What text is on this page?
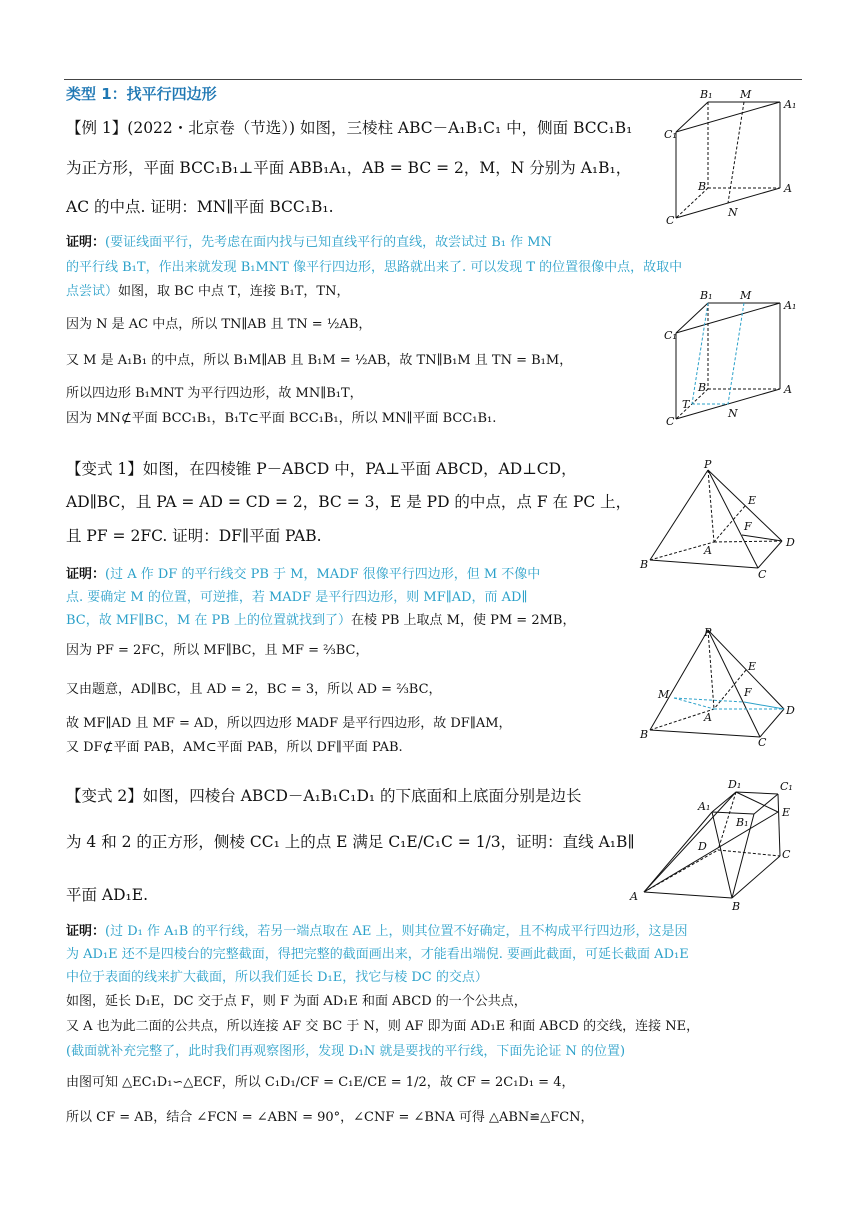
类型 1：找平行四边形
【例 1】(2022・北京卷（节选）) 如图，三棱柱 ABC－A₁B₁C₁ 中，侧面 BCC₁B₁
为正方形，平面 BCC₁B₁⊥平面 ABB₁A₁，AB = BC = 2，M，N 分别为 A₁B₁，
AC 的中点. 证明：MN∥平面 BCC₁B₁.
证明：(要证线面平行，先考虑在面内找与已知直线平行的直线，故尝试过 B₁ 作 MN
的平行线 B₁T，作出来就发现 B₁MNT 像平行四边形，思路就出来了. 可以发现 T 的位置很像中点，故取中
点尝试）如图，取 BC 中点 T，连接 B₁T，TN，
因为 N 是 AC 中点，所以 TN∥AB 且 TN = ½AB，
又 M 是 A₁B₁ 的中点，所以 B₁M∥AB 且 B₁M = ½AB，故 TN∥B₁M 且 TN = B₁M，
所以四边形 B₁MNT 为平行四边形，故 MN∥B₁T，
因为 MN⊄平面 BCC₁B₁，B₁T⊂平面 BCC₁B₁，所以 MN∥平面 BCC₁B₁.
【变式 1】如图，在四棱锥 P－ABCD 中，PA⊥平面 ABCD，AD⊥CD，
AD∥BC，且 PA = AD = CD = 2，BC = 3，E 是 PD 的中点，点 F 在 PC 上，
且 PF = 2FC. 证明：DF∥平面 PAB.
证明：(过 A 作 DF 的平行线交 PB 于 M，MADF 很像平行四边形，但 M 不像中
点. 要确定 M 的位置，可逆推，若 MADF 是平行四边形，则 MF∥AD，而 AD∥
BC，故 MF∥BC，M 在 PB 上的位置就找到了）在棱 PB 上取点 M，使 PM = 2MB，
因为 PF = 2FC，所以 MF∥BC，且 MF = ⅔BC，
又由题意，AD∥BC，且 AD = 2，BC = 3，所以 AD = ⅔BC，
故 MF∥AD 且 MF = AD，所以四边形 MADF 是平行四边形，故 DF∥AM，
又 DF⊄平面 PAB，AM⊂平面 PAB，所以 DF∥平面 PAB.
【变式 2】如图，四棱台 ABCD－A₁B₁C₁D₁ 的下底面和上底面分别是边长
为 4 和 2 的正方形，侧棱 CC₁ 上的点 E 满足 C₁E/C₁C = 1/3，证明：直线 A₁B∥
平面 AD₁E.
证明：(过 D₁ 作 A₁B 的平行线，若另一端点取在 AE 上，则其位置不好确定，且不构成平行四边形，这是因
为 AD₁E 还不是四棱台的完整截面，得把完整的截面画出来，才能看出端倪. 要画此截面，可延长截面 AD₁E
中位于表面的线来扩大截面，所以我们延长 D₁E，找它与棱 DC 的交点）
如图，延长 D₁E，DC 交于点 F，则 F 为面 AD₁E 和面 ABCD 的一个公共点，
又 A 也为此二面的公共点，所以连接 AF 交 BC 于 N，则 AF 即为面 AD₁E 和面 ABCD 的交线，连接 NE，
(截面就补充完整了，此时我们再观察图形，发现 D₁N 就是要找的平行线，下面先论证 N 的位置)
由图可知 △EC₁D₁∽△ECF，所以 C₁D₁/CF = C₁E/CE = 1/2，故 CF = 2C₁D₁ = 4，
所以 CF = AB，结合 ∠FCN = ∠ABN = 90°，∠CNF = ∠BNA 可得 △ABN≌△FCN，
B₁	M
A₁
C₁
B	A
C
N
B₁	M
A₁
C₁
B
T
A
C
N
P
E
F
A
D
B
C
P
E
F
M
A
D
B
C
D₁	C₁
A₁
B₁
E
D
C
A
B
